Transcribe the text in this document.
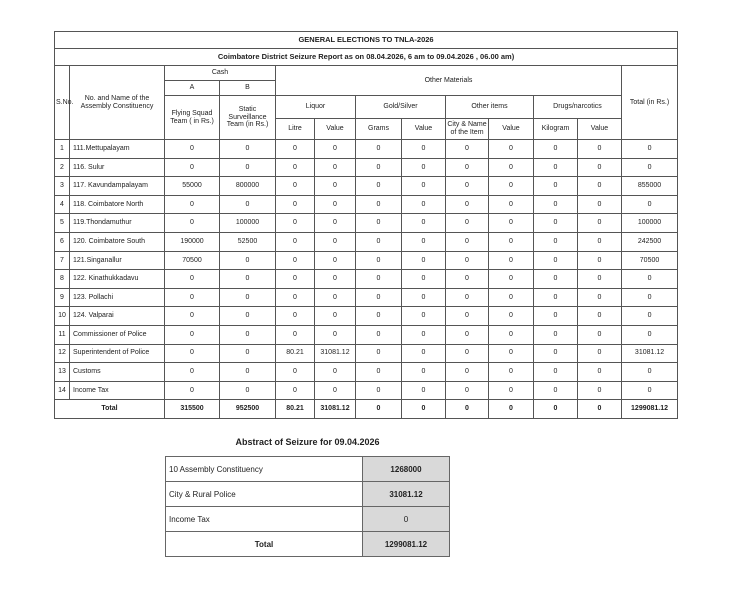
GENERAL ELECTIONS TO TNLA-2026												
Coimbatore District Seizure Report as on 08.04.2026, 6 am to 09.04.2026 , 06.00 am)												
S.No.	No. and Name of the Assembly Constituency	Cash		Other Materials								Total (in Rs.)
		A	B									
		Flying Squad Team ( in Rs.)	Static Surveillance Team (in Rs.)	Liquor		Gold/Silver		Other items		Drugs/narcotics		
				Litre	Value	Grams	Value	City & Name of the Item	Value	Kilogram	Value	
1	111.Mettupalayam	0	0	0	0	0	0	0	0	0	0	0
2	116. Sulur	0	0	0	0	0	0	0	0	0	0	0
3	117. Kavundampalayam	55000	800000	0	0	0	0	0	0	0	0	855000
4	118. Coimbatore North	0	0	0	0	0	0	0	0	0	0	0
5	119.Thondamuthur	0	100000	0	0	0	0	0	0	0	0	100000
6	120. Coimbatore South	190000	52500	0	0	0	0	0	0	0	0	242500
7	121.Singanallur	70500	0	0	0	0	0	0	0	0	0	70500
8	122. Kinathukkadavu	0	0	0	0	0	0	0	0	0	0	0
9	123. Pollachi	0	0	0	0	0	0	0	0	0	0	0
10	124. Valparai	0	0	0	0	0	0	0	0	0	0	0
11	Commissioner of Police	0	0	0	0	0	0	0	0	0	0	0
12	Superintendent of Police	0	0	80.21	31081.12	0	0	0	0	0	0	31081.12
13	Customs	0	0	0	0	0	0	0	0	0	0	0
14	Income Tax	0	0	0	0	0	0	0	0	0	0	0
Total		315500	952500	80.21	31081.12	0	0	0	0	0	0	1299081.12
Abstract of Seizure for 09.04.2026
10 Assembly Constituency	1268000
City & Rural Police	31081.12
Income Tax	0
Total	1299081.12
